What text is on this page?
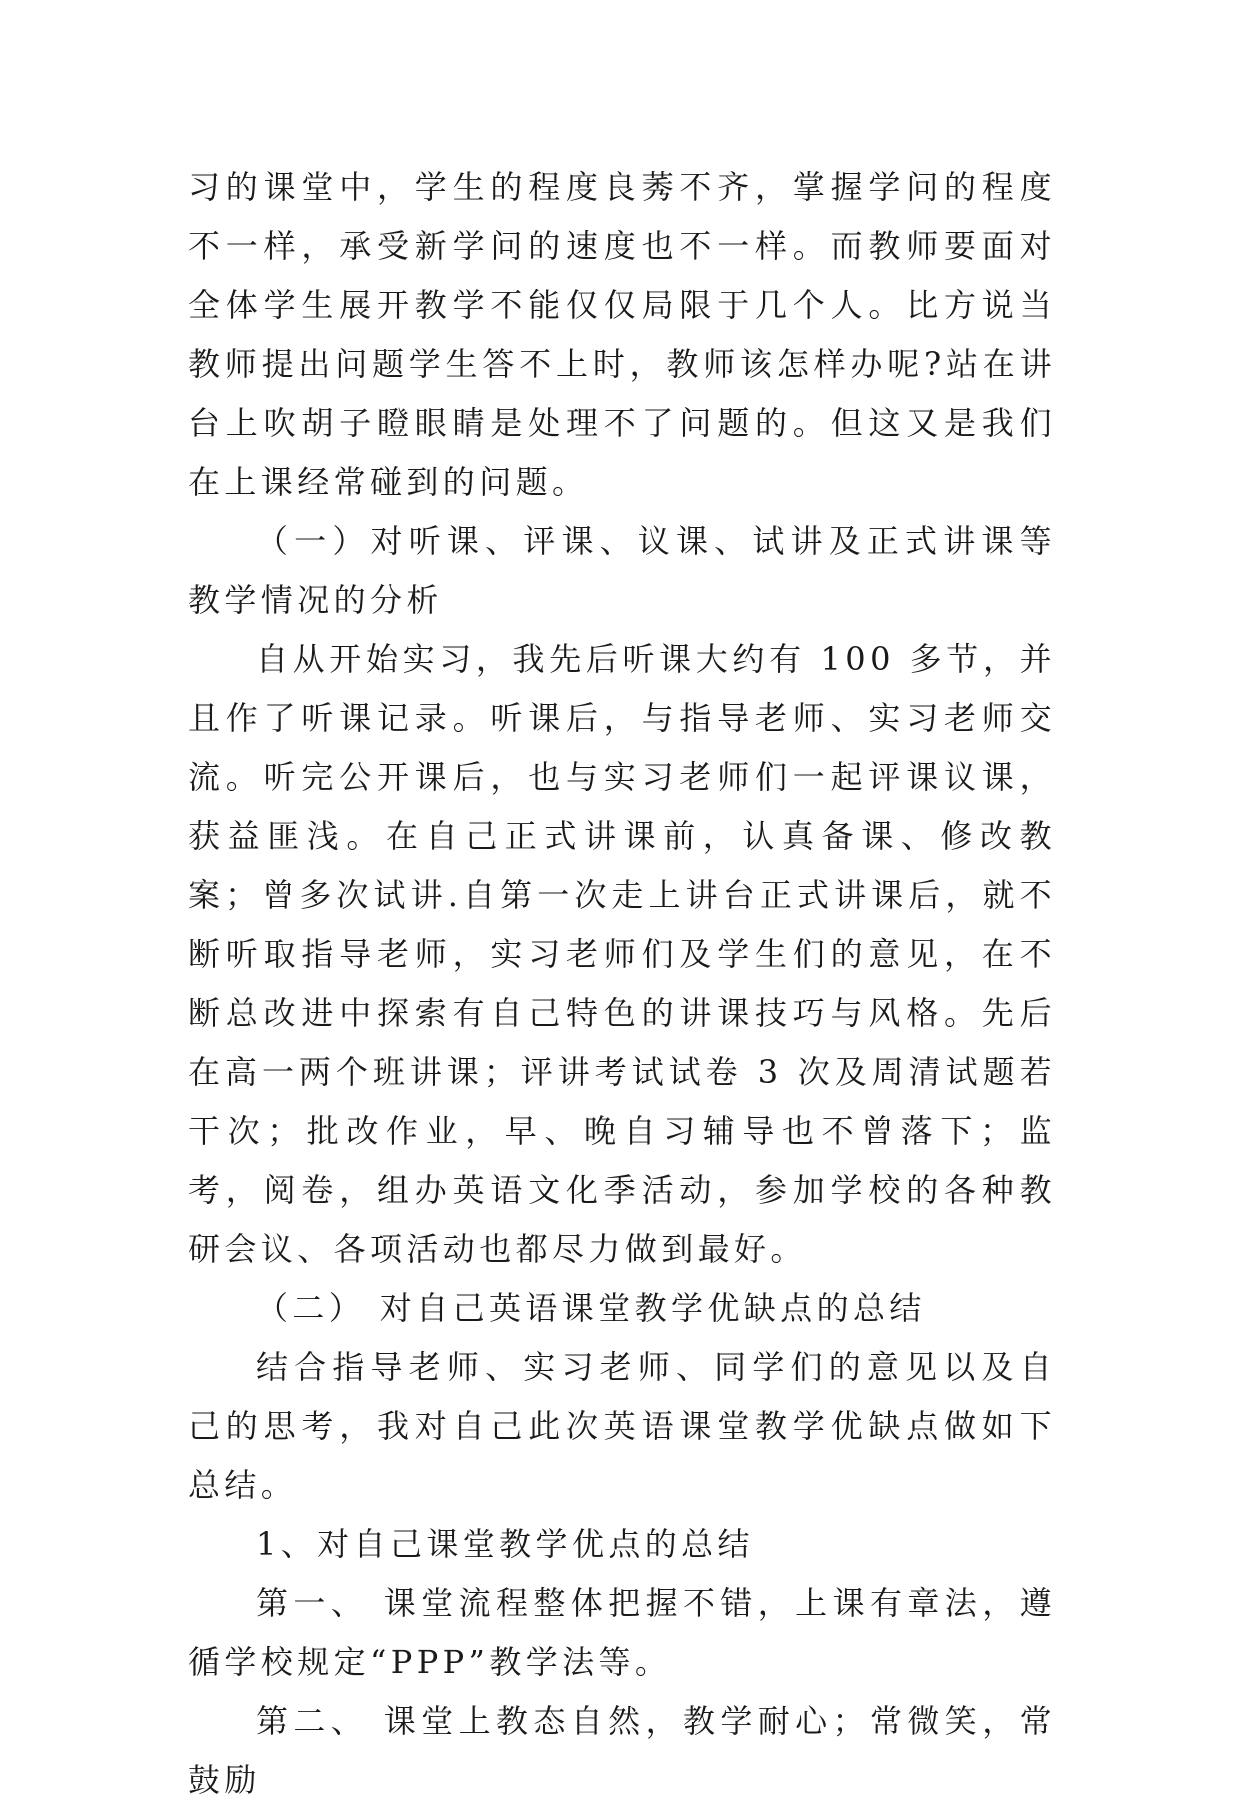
习的课堂中，学生的程度良莠不齐，掌握学问的程度不一样，承受新学问的速度也不一样。而教师要面对全体学生展开教学不能仅仅局限于几个人。比方说当教师提出问题学生答不上时，教师该怎样办呢?站在讲台上吹胡子瞪眼睛是处理不了问题的。但这又是我们在上课经常碰到的问题。

（一）对听课、评课、议课、试讲及正式讲课等教学情况的分析

自从开始实习，我先后听课大约有 100 多节，并且作了听课记录。听课后，与指导老师、实习老师交流。听完公开课后，也与实习老师们一起评课议课，获益匪浅。在自己正式讲课前，认真备课、修改教案；曾多次试讲.自第一次走上讲台正式讲课后，就不断听取指导老师，实习老师们及学生们的意见，在不断总改进中探索有自己特色的讲课技巧与风格。先后在高一两个班讲课；评讲考试试卷 3 次及周清试题若干次；批改作业，早、晚自习辅导也不曾落下；监考，阅卷，组办英语文化季活动，参加学校的各种教研会议、各项活动也都尽力做到最好。

（二） 对自己英语课堂教学优缺点的总结

结合指导老师、实习老师、同学们的意见以及自己的思考，我对自己此次英语课堂教学优缺点做如下总结。

1、对自己课堂教学优点的总结

第一、 课堂流程整体把握不错，上课有章法，遵循学校规定“PPP”教学法等。

第二、 课堂上教态自然，教学耐心；常微笑，常鼓励
